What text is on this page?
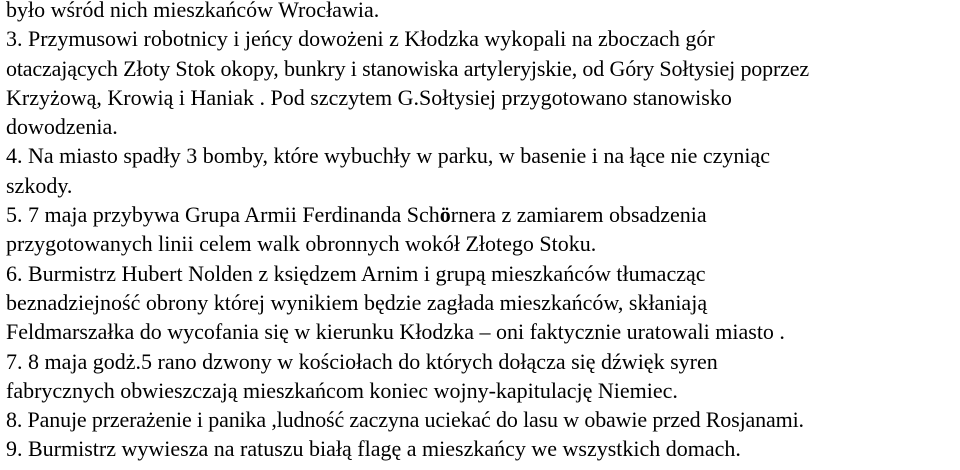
było wśród nich mieszkańców Wrocławia.

3. Przymusowi robotnicy i jeńcy dowożeni z Kłodzka wykopali na zboczach gór

otaczających Złoty Stok okopy, bunkry i stanowiska artyleryjskie, od Góry Sołtysiej poprzez

Krzyżową, Krowią i Haniak . Pod szczytem G.Sołtysiej przygotowano stanowisko

dowodzenia.

4. Na miasto spadły 3 bomby, które wybuchły w parku, w basenie i na łące nie czyniąc

szkody.

5. 7 maja przybywa Grupa Armii Ferdinanda Schörnera z zamiarem obsadzenia

przygotowanych linii celem walk obronnych wokół Złotego Stoku.

6. Burmistrz Hubert Nolden z księdzem Arnim i grupą mieszkańców tłumacząc

beznadziejność obrony której wynikiem będzie zagłada mieszkańców, skłaniają

Feldmarszałka do wycofania się w kierunku Kłodzka – oni faktycznie uratowali miasto .

7. 8 maja godż.5 rano dzwony w kościołach do których dołącza się dźwięk syren

fabrycznych obwieszczają mieszkańcom koniec wojny-kapitulację Niemiec.

8. Panuje przerażenie i panika ,ludność zaczyna uciekać do lasu w obawie przed Rosjanami.

9. Burmistrz wywiesza na ratuszu białą flagę a mieszkańcy we wszystkich domach.
